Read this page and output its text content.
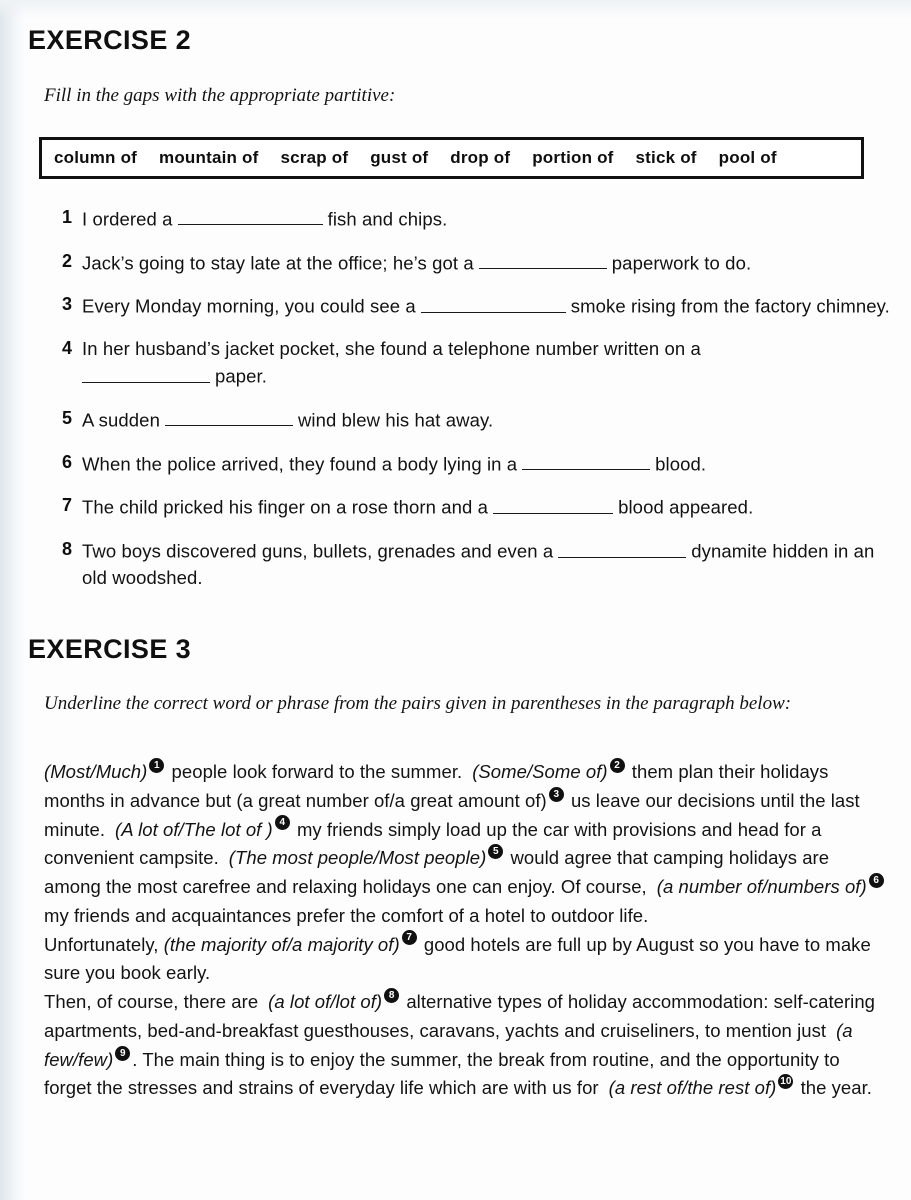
EXERCISE 2
Fill in the gaps with the appropriate partitive:
column of mountain of scrap of gust of drop of portion of stick of pool of
1 I ordered a	fish and chips.
2 Jack’s going to stay late at the office; he’s got a	paperwork to do.
3 Every Monday morning, you could see a	smoke rising from the factory chimney.
4 In her husband’s jacket pocket, she found a telephone number written on a
paper.
5 A sudden	wind blew his hat away.
6 When the police arrived, they found a body lying in a	blood.
7 The child pricked his finger on a rose thorn and a	blood appeared.
8 Two boys discovered guns, bullets, grenades and even a	dynamite hidden in an old woodshed.
EXERCISE 3
Underline the correct word or phrase from the pairs given in parentheses in the paragraph below:
(Most/Much) 1 people look forward to the summer. (Some/Some of) 2 them plan their holidays months in advance but (a great number of/a great amount of) 3 us leave our decisions until the last minute. (A lot of/The lot of ) 4 my friends simply load up the car with provisions and head for a convenient campsite. (The most people/Most people) 5 would agree that camping holidays are among the most carefree and relaxing holidays one can enjoy. Of course, (a number of/numbers of) 6 my friends and acquaintances prefer the comfort of a hotel to outdoor life.
Unfortunately, (the majority of/a majority of) 7 good hotels are full up by August so you have to make sure you book early.
Then, of course, there are (a lot of/lot of) 8 alternative types of holiday accommodation: self-catering apartments, bed-and-breakfast guesthouses, caravans, yachts and cruiseliners, to mention just (a few/few) 9 . The main thing is to enjoy the summer, the break from routine, and the opportunity to forget the stresses and strains of everyday life which are with us for (a rest of/the rest of) 10 the year.
